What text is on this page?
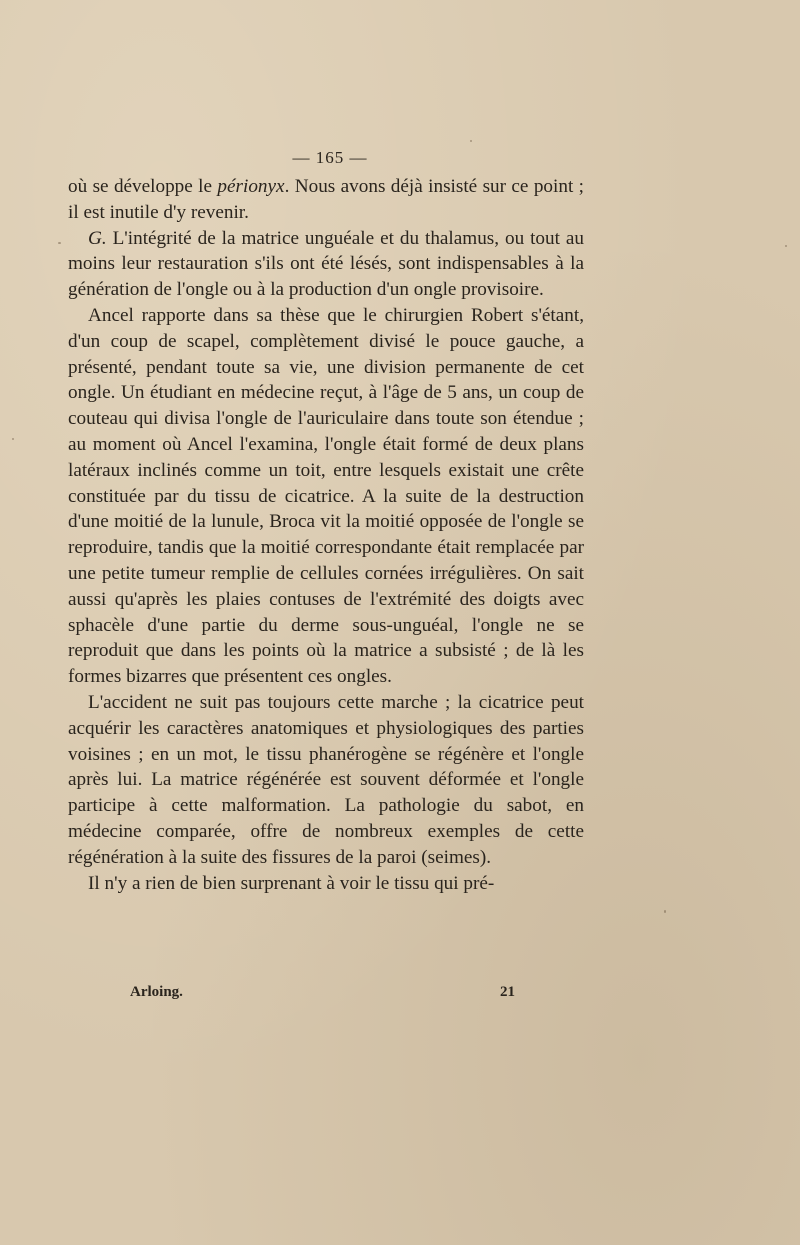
— 165 —

où se développe le périonyx. Nous avons déjà insisté sur ce point ; il est inutile d'y revenir.

G. L'intégrité de la matrice unguéale et du thalamus, ou tout au moins leur restauration s'ils ont été lésés, sont indispensables à la génération de l'ongle ou à la production d'un ongle provisoire.

Ancel rapporte dans sa thèse que le chirurgien Robert s'étant, d'un coup de scapel, complètement divisé le pouce gauche, a présenté, pendant toute sa vie, une division permanente de cet ongle. Un étudiant en médecine reçut, à l'âge de 5 ans, un coup de couteau qui divisa l'ongle de l'auriculaire dans toute son étendue ; au moment où Ancel l'examina, l'ongle était formé de deux plans latéraux inclinés comme un toit, entre lesquels existait une crête constituée par du tissu de cicatrice. A la suite de la destruction d'une moitié de la lunule, Broca vit la moitié opposée de l'ongle se reproduire, tandis que la moitié correspondante était remplacée par une petite tumeur remplie de cellules cornées irrégulières. On sait aussi qu'après les plaies contuses de l'extrémité des doigts avec sphacèle d'une partie du derme sous-unguéal, l'ongle ne se reproduit que dans les points où la matrice a subsisté ; de là les formes bizarres que présentent ces ongles.

L'accident ne suit pas toujours cette marche ; la cicatrice peut acquérir les caractères anatomiques et physiologiques des parties voisines ; en un mot, le tissu phanérogène se régénère et l'ongle après lui. La matrice régénérée est souvent déformée et l'ongle participe à cette malformation. La pathologie du sabot, en médecine comparée, offre de nombreux exemples de cette régénération à la suite des fissures de la paroi (seimes).

Il n'y a rien de bien surprenant à voir le tissu qui pré-

Arloing.	21
